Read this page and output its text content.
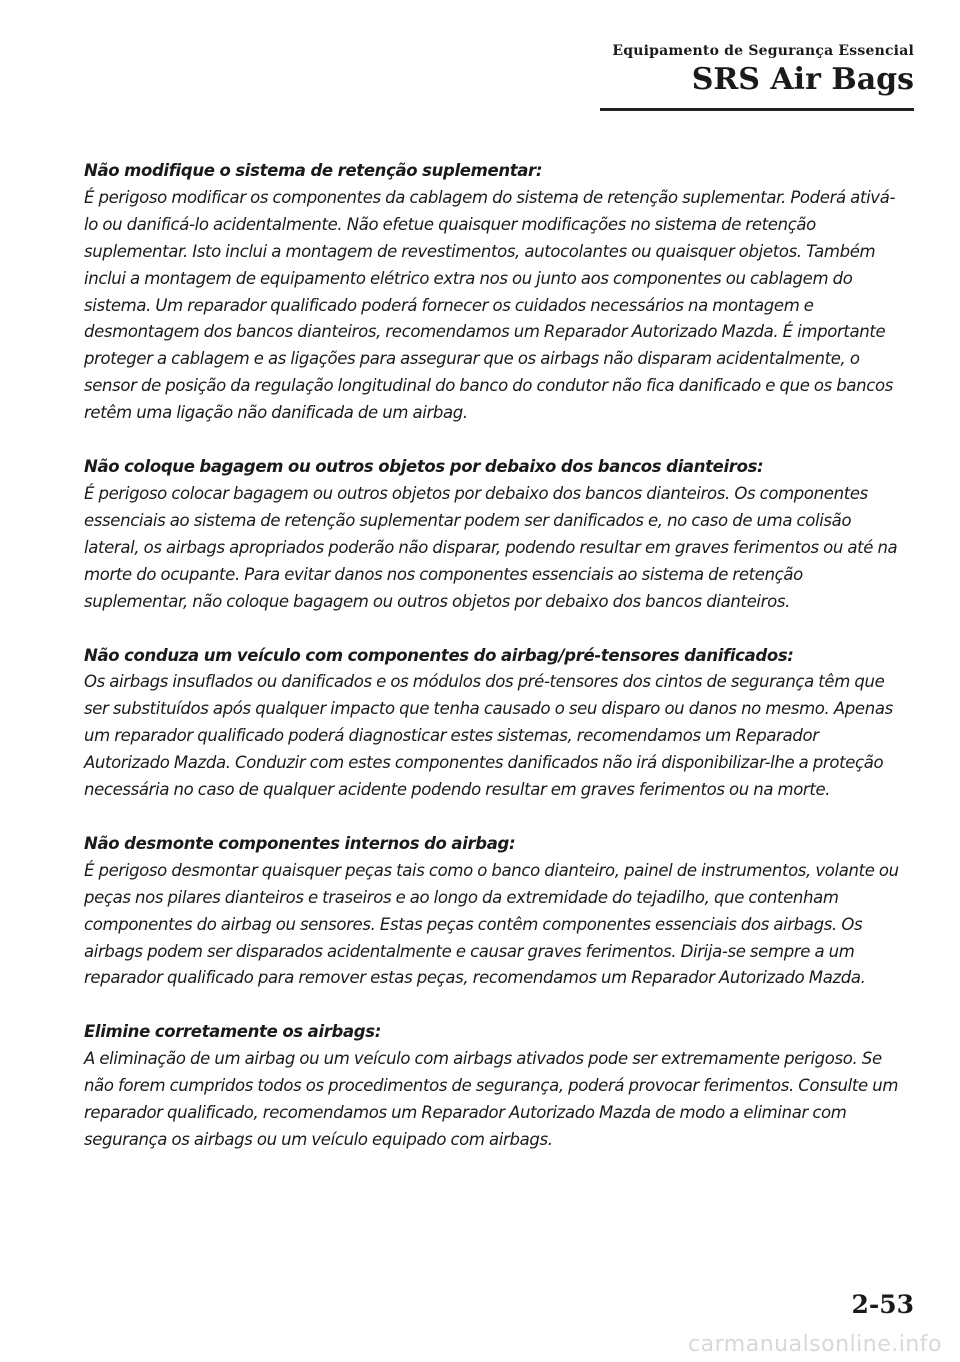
Equipamento de Segurança Essencial
SRS Air Bags

Não modifique o sistema de retenção suplementar:

É perigoso modificar os componentes da cablagem do sistema de retenção suplementar. Poderá ativá-lo ou danificá-lo acidentalmente. Não efetue quaisquer modificações no sistema de retenção suplementar. Isto inclui a montagem de revestimentos, autocolantes ou quaisquer objetos. Também inclui a montagem de equipamento elétrico extra nos ou junto aos componentes ou cablagem do sistema. Um reparador qualificado poderá fornecer os cuidados necessários na montagem e desmontagem dos bancos dianteiros, recomendamos um Reparador Autorizado Mazda. É importante proteger a cablagem e as ligações para assegurar que os airbags não disparam acidentalmente, o sensor de posição da regulação longitudinal do banco do condutor não fica danificado e que os bancos retêm uma ligação não danificada de um airbag.

Não coloque bagagem ou outros objetos por debaixo dos bancos dianteiros:

É perigoso colocar bagagem ou outros objetos por debaixo dos bancos dianteiros. Os componentes essenciais ao sistema de retenção suplementar podem ser danificados e, no caso de uma colisão lateral, os airbags apropriados poderão não disparar, podendo resultar em graves ferimentos ou até na morte do ocupante. Para evitar danos nos componentes essenciais ao sistema de retenção suplementar, não coloque bagagem ou outros objetos por debaixo dos bancos dianteiros.

Não conduza um veículo com componentes do airbag/pré-tensores danificados:

Os airbags insuflados ou danificados e os módulos dos pré-tensores dos cintos de segurança têm que ser substituídos após qualquer impacto que tenha causado o seu disparo ou danos no mesmo. Apenas um reparador qualificado poderá diagnosticar estes sistemas, recomendamos um Reparador Autorizado Mazda. Conduzir com estes componentes danificados não irá disponibilizar-lhe a proteção necessária no caso de qualquer acidente podendo resultar em graves ferimentos ou na morte.

Não desmonte componentes internos do airbag:

É perigoso desmontar quaisquer peças tais como o banco dianteiro, painel de instrumentos, volante ou peças nos pilares dianteiros e traseiros e ao longo da extremidade do tejadilho, que contenham componentes do airbag ou sensores. Estas peças contêm componentes essenciais dos airbags. Os airbags podem ser disparados acidentalmente e causar graves ferimentos. Dirija-se sempre a um reparador qualificado para remover estas peças, recomendamos um Reparador Autorizado Mazda.

Elimine corretamente os airbags:

A eliminação de um airbag ou um veículo com airbags ativados pode ser extremamente perigoso. Se não forem cumpridos todos os procedimentos de segurança, poderá provocar ferimentos. Consulte um reparador qualificado, recomendamos um Reparador Autorizado Mazda de modo a eliminar com segurança os airbags ou um veículo equipado com airbags.

2-53
carmanualsonline.info
